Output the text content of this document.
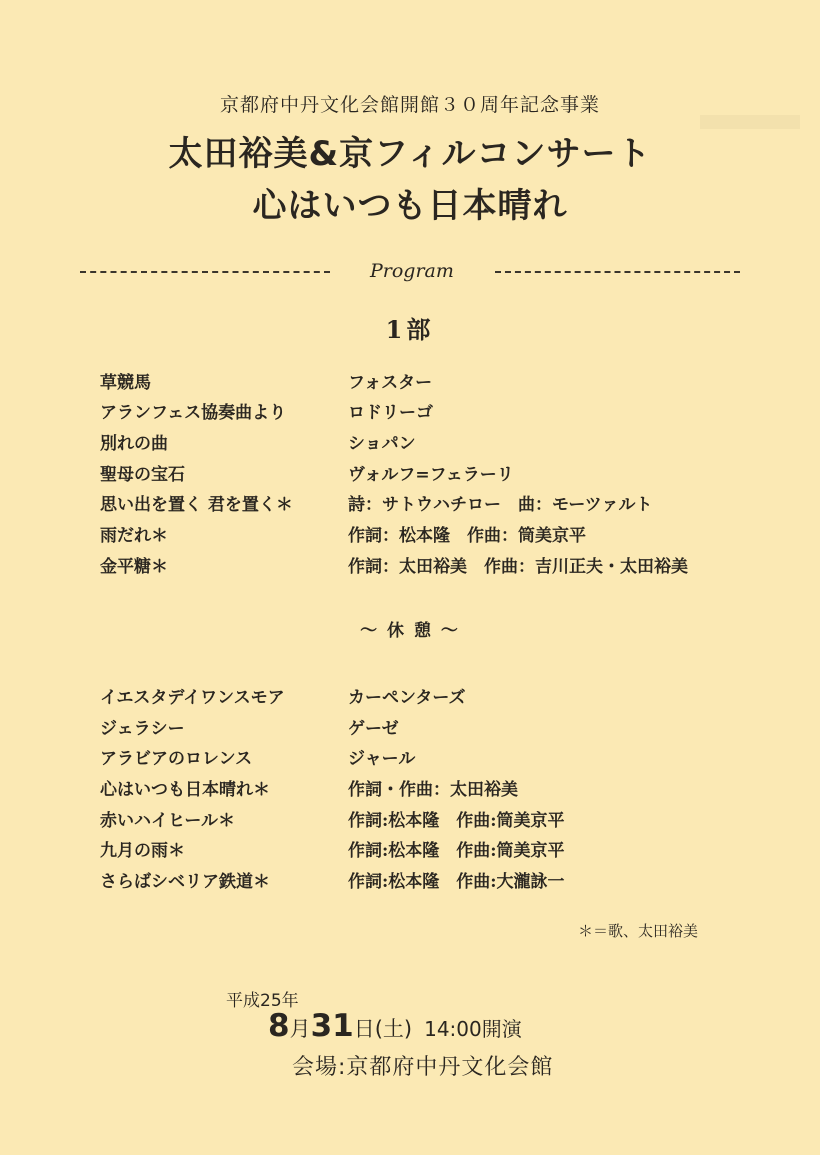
京都府中丹文化会館開館３０周年記念事業
太田裕美&京フィルコンサート
心はいつも日本晴れ
Program
1部
草競馬	フォスター
アランフェス協奏曲より	ロドリーゴ
別れの曲	ショパン
聖母の宝石	ヴォルフ=フェラーリ
思い出を置く 君を置く＊	詩：サトウハチロー　曲：モーツァルト
雨だれ＊	作詞：松本隆　作曲：筒美京平
金平糖＊	作詞：太田裕美　作曲：吉川正夫・太田裕美
～ 休 憩 ～
イエスタデイワンスモア	カーペンターズ
ジェラシー	ゲーゼ
アラビアのロレンス	ジャール
心はいつも日本晴れ＊	作詞・作曲：太田裕美
赤いハイヒール＊	作詞:松本隆　作曲:筒美京平
九月の雨＊	作詞:松本隆　作曲:筒美京平
さらばシベリア鉄道＊	作詞:松本隆　作曲:大瀧詠一
＊＝歌、太田裕美
平成25年
8月31日(土) 14:00開演
会場:京都府中丹文化会館
